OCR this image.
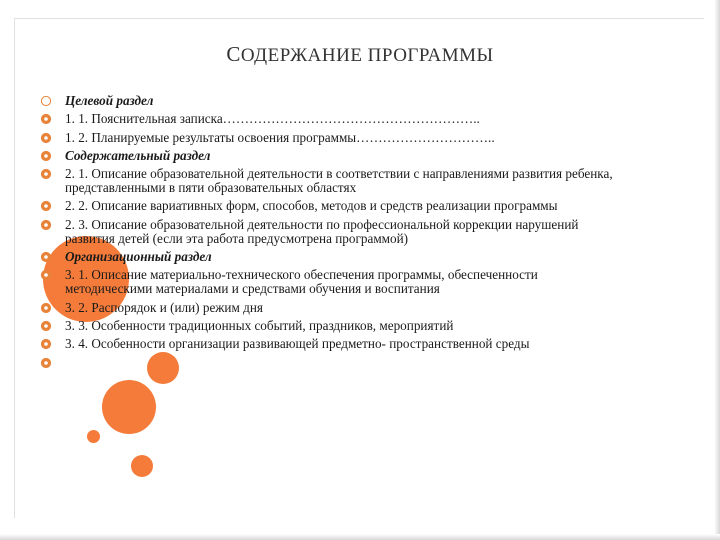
СОДЕРЖАНИЕ ПРОГРАММЫ
Целевой раздел
1. 1. Пояснительная записка…………………………………………………..
1. 2. Планируемые результаты освоения программы…………………………..
Содержательный раздел
2. 1. Описание образовательной деятельности в соответствии с направлениями развития ребенка, представленными в пяти образовательных областях
2. 2. Описание вариативных форм, способов, методов и средств реализации программы
2. 3. Описание образовательной деятельности по профессиональной коррекции нарушений развития детей (если эта работа предусмотрена программой)
Организационный раздел
3. 1. Описание материально-технического обеспечения программы, обеспеченности методическими материалами и средствами обучения и воспитания
3. 2. Распорядок и (или) режим дня
3. 3. Особенности традиционных событий, праздников, мероприятий
3. 4. Особенности организации развивающей предметно- пространственной среды
